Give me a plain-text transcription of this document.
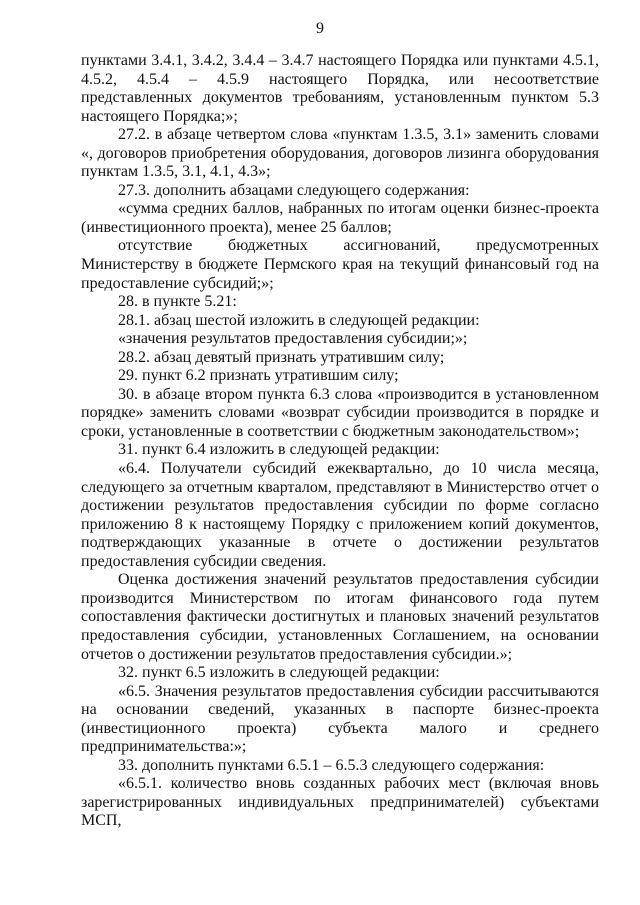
9

пунктами 3.4.1, 3.4.2, 3.4.4 – 3.4.7 настоящего Порядка или пунктами 4.5.1, 4.5.2, 4.5.4 – 4.5.9 настоящего Порядка, или несоответствие представленных документов требованиям, установленным пунктом 5.3 настоящего Порядка;»;

27.2. в абзаце четвертом слова «пунктам 1.3.5, 3.1» заменить словами «, договоров приобретения оборудования, договоров лизинга оборудования пунктам 1.3.5, 3.1, 4.1, 4.3»;

27.3. дополнить абзацами следующего содержания:

«сумма средних баллов, набранных по итогам оценки бизнес-проекта (инвестиционного проекта), менее 25 баллов;

отсутствие бюджетных ассигнований, предусмотренных Министерству в бюджете Пермского края на текущий финансовый год на предоставление субсидий;»;

28. в пункте 5.21:

28.1. абзац шестой изложить в следующей редакции:

«значения результатов предоставления субсидии;»;

28.2. абзац девятый признать утратившим силу;

29. пункт 6.2 признать утратившим силу;

30. в абзаце втором пункта 6.3 слова «производится в установленном порядке» заменить словами «возврат субсидии производится в порядке и сроки, установленные в соответствии с бюджетным законодательством»;

31. пункт 6.4 изложить в следующей редакции:

«6.4. Получатели субсидий ежеквартально, до 10 числа месяца, следующего за отчетным кварталом, представляют в Министерство отчет о достижении результатов предоставления субсидии по форме согласно приложению 8 к настоящему Порядку с приложением копий документов, подтверждающих указанные в отчете о достижении результатов предоставления субсидии сведения.

Оценка достижения значений результатов предоставления субсидии производится Министерством по итогам финансового года путем сопоставления фактически достигнутых и плановых значений результатов предоставления субсидии, установленных Соглашением, на основании отчетов о достижении результатов предоставления субсидии.»;

32. пункт 6.5 изложить в следующей редакции:

«6.5. Значения результатов предоставления субсидии рассчитываются на основании сведений, указанных в паспорте бизнес-проекта (инвестиционного проекта) субъекта малого и среднего предпринимательства:»;

33. дополнить пунктами 6.5.1 – 6.5.3 следующего содержания:

«6.5.1. количество вновь созданных рабочих мест (включая вновь зарегистрированных индивидуальных предпринимателей) субъектами МСП,
